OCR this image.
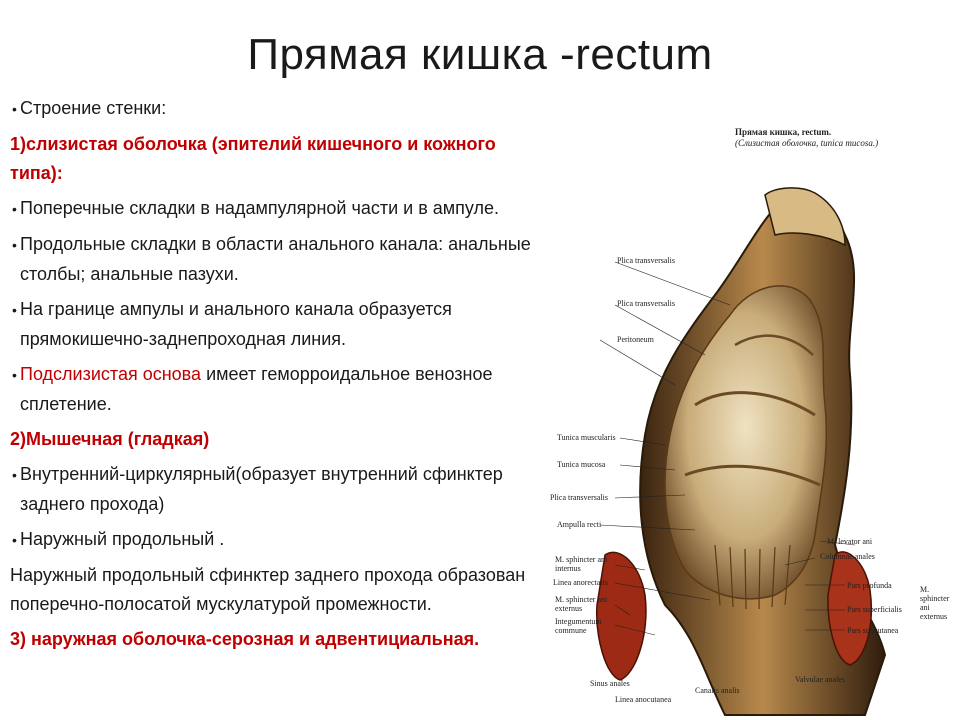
Прямая кишка -rectum
• Строение стенки:
1)слизистая оболочка (эпителий кишечного и кожного типа):
• Поперечные складки в надампулярной части и в ампуле.
• Продольные складки в области анального канала: анальные столбы; анальные пазухи.
• На границе ампулы и анального канала образуется прямокишечно-заднепроходная линия.
• Подслизистая основа имеет геморроидальное венозное сплетение.
2)Мышечная (гладкая)
• Внутренний-циркулярный(образует внутренний сфинктер заднего прохода)
• Наружный продольный .
Наружный продольный сфинктер заднего прохода образован поперечно-полосатой мускулатурой промежности.
3) наружная оболочка-серозная и адвентициальная.
Прямая кишка, rectum.
(Слизистая оболочка, tunica mucosa.)
Plica transversalis
Plica transversalis
Peritoneum
Tunica muscularis
Tunica mucosa
Plica transversalis
Ampulla recti
M. sphincter ani internus
Linea anorectalis
M. sphincter ani externus
Integumentum commune
Sinus anales
Linea anocutanea
Canalis analis
Valvulae anales
M. levator ani
Columnae anales
Pars profunda
Pars superficialis
Pars subcutanea
M. sphincter ani externus
